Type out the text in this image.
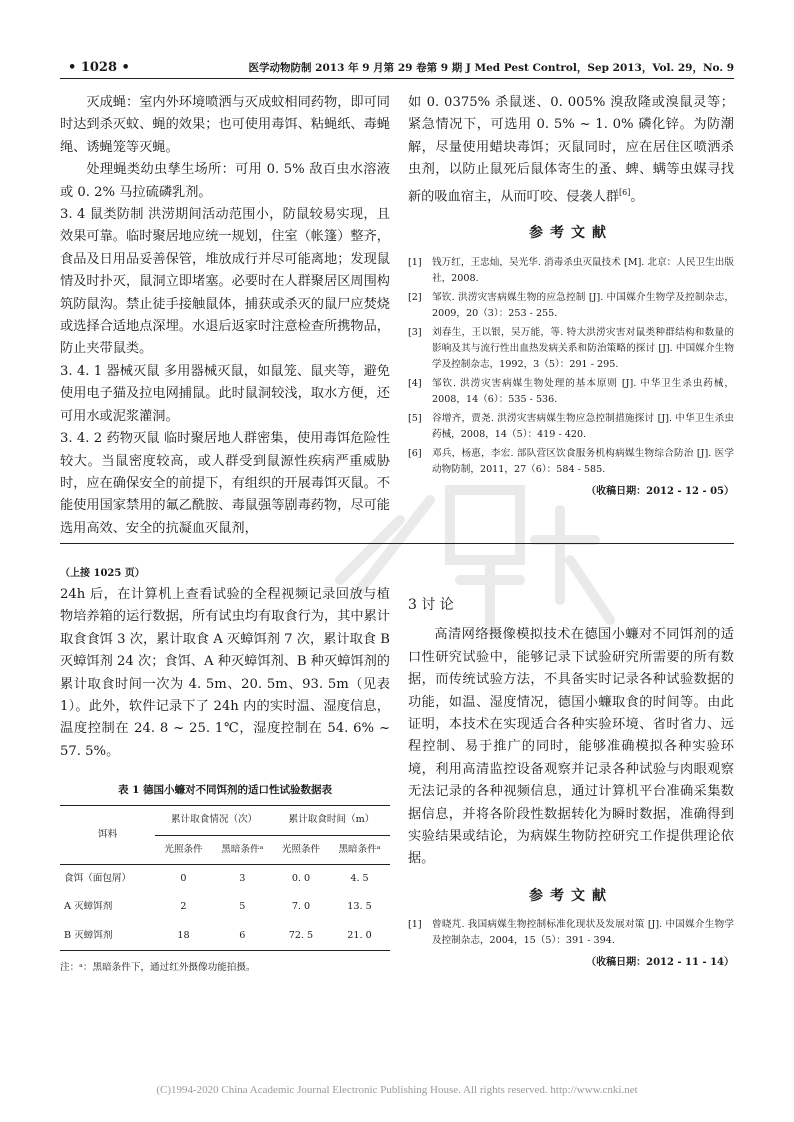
• 1028 •	医学动物防制 2013 年 9 月第 29 卷第 9 期 J Med Pest Control，Sep 2013，Vol. 29，No. 9

灭成蝇：室内外环境喷洒与灭成蚊相同药物，即可同时达到杀灭蚊、蝇的效果；也可使用毒饵、粘蝇纸、毒蝇绳、诱蝇笼等灭蝇。

处理蝇类幼虫孳生场所：可用 0. 5% 敌百虫水溶液或 0. 2% 马拉硫磷乳剂。

3. 4 鼠类防制 洪涝期间活动范围小，防鼠较易实现，且效果可靠。临时聚居地应统一规划，住室（帐篷）整齐，食品及日用品妥善保管，堆放成行并尽可能离地；发现鼠情及时扑灭，鼠洞立即堵塞。必要时在人群聚居区周围构筑防鼠沟。禁止徒手接触鼠体，捕获或杀灭的鼠尸应焚烧或选择合适地点深埋。水退后返家时注意检查所携物品，防止夹带鼠类。

3. 4. 1 器械灭鼠 多用器械灭鼠，如鼠笼、鼠夹等，避免使用电子猫及拉电网捕鼠。此时鼠洞较浅，取水方便，还可用水或泥浆灌洞。

3. 4. 2 药物灭鼠 临时聚居地人群密集，使用毒饵危险性较大。当鼠密度较高，或人群受到鼠源性疾病严重威胁时，应在确保安全的前提下，有组织的开展毒饵灭鼠。不能使用国家禁用的氟乙酰胺、毒鼠强等剧毒药物，尽可能选用高效、安全的抗凝血灭鼠剂，

如 0. 0375% 杀鼠迷、0. 005% 溴敌隆或溴鼠灵等；紧急情况下，可选用 0. 5% ~ 1. 0% 磷化锌。为防潮解，尽量使用蜡块毒饵；灭鼠同时，应在居住区喷洒杀虫剂，以防止鼠死后鼠体寄生的蚤、蜱、螨等虫媒寻找新的吸血宿主，从而叮咬、侵袭人群[6]。

参考文献
[1] 钱万红，王忠灿，吴光华. 消毒杀虫灭鼠技术 [M]. 北京：人民卫生出版社，2008.
[2] 邹钦. 洪涝灾害病媒生物的应急控制 [J]. 中国媒介生物学及控制杂志，2009，20（3）：253 - 255.
[3] 刘春生，王以银，吴万能，等. 特大洪涝灾害对鼠类种群结构和数量的影响及其与流行性出血热发病关系和防治策略的探讨 [J]. 中国媒介生物学及控制杂志，1992，3（5）：291 - 295.
[4] 邹钦. 洪涝灾害病媒生物处理的基本原则 [J]. 中华卫生杀虫药械，2008，14（6）：535 - 536.
[5] 谷增齐，贾尧. 洪涝灾害病媒生物应急控制措施探讨 [J]. 中华卫生杀虫药械，2008，14（5）：419 - 420.
[6] 邓兵，杨惠，李宏. 部队营区饮食服务机构病媒生物综合防治 [J]. 医学动物防制，2011，27（6）：584 - 585.
（收稿日期：2012 - 12 - 05）
（上接 1025 页）

24h 后，在计算机上查看试验的全程视频记录回放与植物培养箱的运行数据，所有试虫均有取食行为，其中累计取食食饵 3 次，累计取食 A 灭蟑饵剂 7 次，累计取食 B 灭蟑饵剂 24 次；食饵、A 种灭蟑饵剂、B 种灭蟑饵剂的累计取食时间一次为 4. 5m、20. 5m、93. 5m（见表 1）。此外，软件记录下了 24h 内的实时温、湿度信息，温度控制在 24. 8 ~ 25. 1℃，湿度控制在 54. 6% ~ 57. 5%。

表 1 德国小蠊对不同饵剂的适口性试验数据表
饵料	累计取食情况（次）		累计取食时间（m）	
	光照条件	黑暗条件ᵃ	光照条件	黑暗条件ᵃ
食饵（面包屑）	0	3	0. 0	4. 5
A 灭蟑饵剂	2	5	7. 0	13. 5
B 灭蟑饵剂	18	6	72. 5	21. 0
注：ᵃ：黑暗条件下，通过红外摄像功能拍摄。
3 讨 论

高清网络摄像模拟技术在德国小蠊对不同饵剂的适口性研究试验中，能够记录下试验研究所需要的所有数据，而传统试验方法，不具备实时记录各种试验数据的功能，如温、湿度情况，德国小蠊取食的时间等。由此证明，本技术在实现适合各种实验环境、省时省力、远程控制、易于推广的同时，能够准确模拟各种实验环境，利用高清监控设备观察并记录各种试验与肉眼观察无法记录的各种视频信息，通过计算机平台准确采集数据信息，并将各阶段性数据转化为瞬时数据，准确得到实验结果或结论，为病媒生物防控研究工作提供理论依据。

参考文献
[1] 曾晓芃. 我国病媒生物控制标准化现状及发展对策 [J]. 中国媒介生物学及控制杂志，2004，15（5）：391 - 394.
（收稿日期：2012 - 11 - 14）
(C)1994-2020 China Academic Journal Electronic Publishing House. All rights reserved. http://www.cnki.net
